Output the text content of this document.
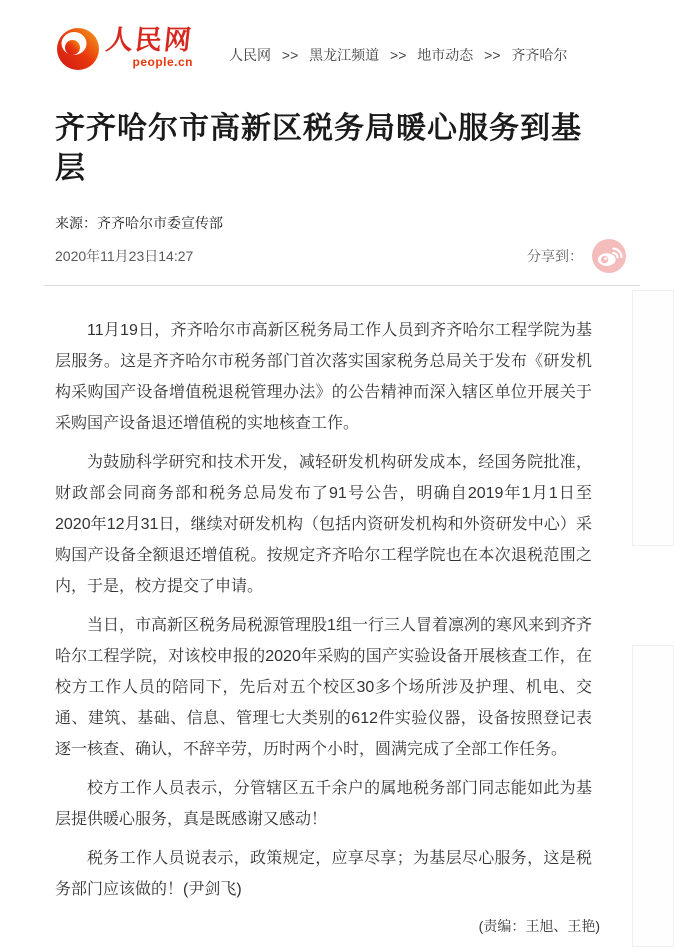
人民网
people.cn	人民网 >> 黑龙江频道 >> 地市动态 >> 齐齐哈尔
齐齐哈尔市高新区税务局暖心服务到基层
来源：齐齐哈尔市委宣传部
2020年11月23日14:27	分享到：

11月19日，齐齐哈尔市高新区税务局工作人员到齐齐哈尔工程学院为基层服务。这是齐齐哈尔市税务部门首次落实国家税务总局关于发布《研发机构采购国产设备增值税退税管理办法》的公告精神而深入辖区单位开展关于采购国产设备退还增值税的实地核查工作。

为鼓励科学研究和技术开发，减轻研发机构研发成本，经国务院批准，财政部会同商务部和税务总局发布了91号公告，明确自2019年1月1日至2020年12月31日，继续对研发机构（包括内资研发机构和外资研发中心）采购国产设备全额退还增值税。按规定齐齐哈尔工程学院也在本次退税范围之内，于是，校方提交了申请。

当日，市高新区税务局税源管理股1组一行三人冒着凛冽的寒风来到齐齐哈尔工程学院，对该校申报的2020年采购的国产实验设备开展核查工作，在校方工作人员的陪同下，先后对五个校区30多个场所涉及护理、机电、交通、建筑、基础、信息、管理七大类别的612件实验仪器，设备按照登记表逐一核查、确认，不辞辛劳，历时两个小时，圆满完成了全部工作任务。

校方工作人员表示，分管辖区五千余户的属地税务部门同志能如此为基层提供暖心服务，真是既感谢又感动！

税务工作人员说表示，政策规定，应享尽享；为基层尽心服务，这是税务部门应该做的！(尹剑飞)

(责编：王旭、王艳)
